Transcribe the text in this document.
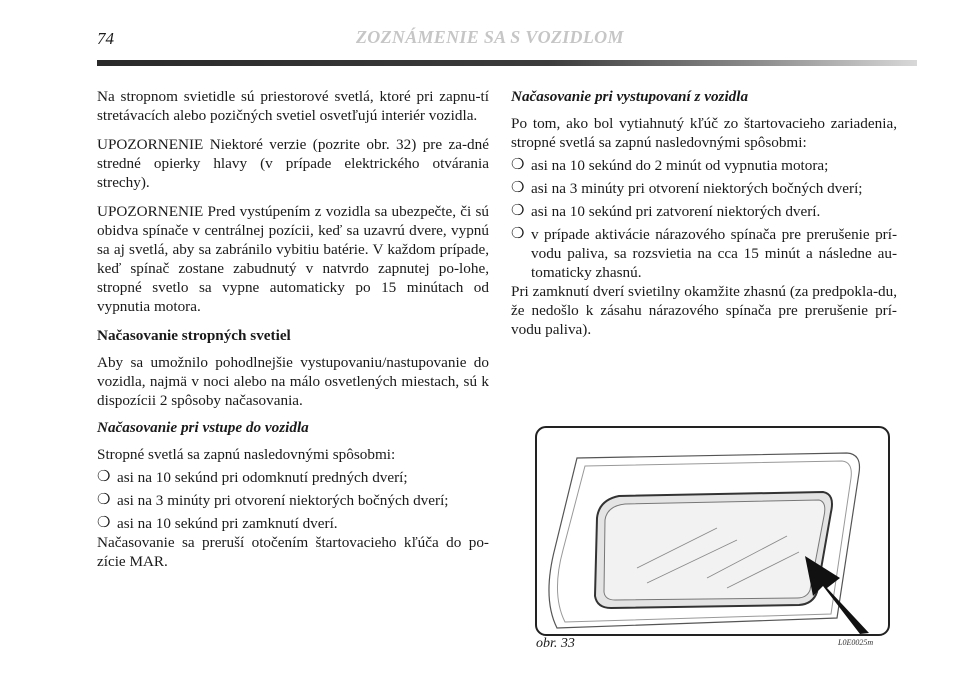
74	ZOZNÁMENIE SA S VOZIDLOM

Na stropnom svietidle sú priestorové svetlá, ktoré pri zapnu-tí stretávacích alebo pozičných svetiel osvetľujú interiér vozidla.

UPOZORNENIE Niektoré verzie (pozrite obr. 32) pre za-dné stredné opierky hlavy (v prípade elektrického otvárania strechy).

UPOZORNENIE Pred vystúpením z vozidla sa ubezpečte, či sú obidva spínače v centrálnej pozícii, keď sa uzavrú dvere, vypnú sa aj svetlá, aby sa zabránilo vybitiu batérie. V každom prípade, keď spínač zostane zabudnutý v natvrdo zapnutej po-lohe, stropné svetlo sa vypne automaticky po 15 minútach od vypnutia motora.

Načasovanie stropných svetiel

Aby sa umožnilo pohodlnejšie vystupovaniu/nastupovanie do vozidla, najmä v noci alebo na málo osvetlených miestach, sú k dispozícii 2 spôsoby načasovania.

Načasovanie pri vstupe do vozidla

Stropné svetlá sa zapnú nasledovnými spôsobmi:

❍ asi na 10 sekúnd pri odomknutí predných dverí;
❍ asi na 3 minúty pri otvorení niektorých bočných dverí;
❍ asi na 10 sekúnd pri zamknutí dverí.

Načasovanie sa preruší otočením štartovacieho kľúča do po-zície MAR.

Načasovanie pri vystupovaní z vozidla

Po tom, ako bol vytiahnutý kľúč zo štartovacieho zariadenia, stropné svetlá sa zapnú nasledovnými spôsobmi:

❍ asi na 10 sekúnd do 2 minút od vypnutia motora;
❍ asi na 3 minúty pri otvorení niektorých bočných dverí;
❍ asi na 10 sekúnd pri zatvorení niektorých dverí.
❍ v prípade aktivácie nárazového spínača pre prerušenie prí-vodu paliva, sa rozsvietia na cca 15 minút a následne au-tomaticky zhasnú.

Pri zamknutí dverí svietilny okamžite zhasnú (za predpokla-du, že nedošlo k zásahu nárazového spínača pre prerušenie prí-vodu paliva).

obr. 33	L0E0025m
